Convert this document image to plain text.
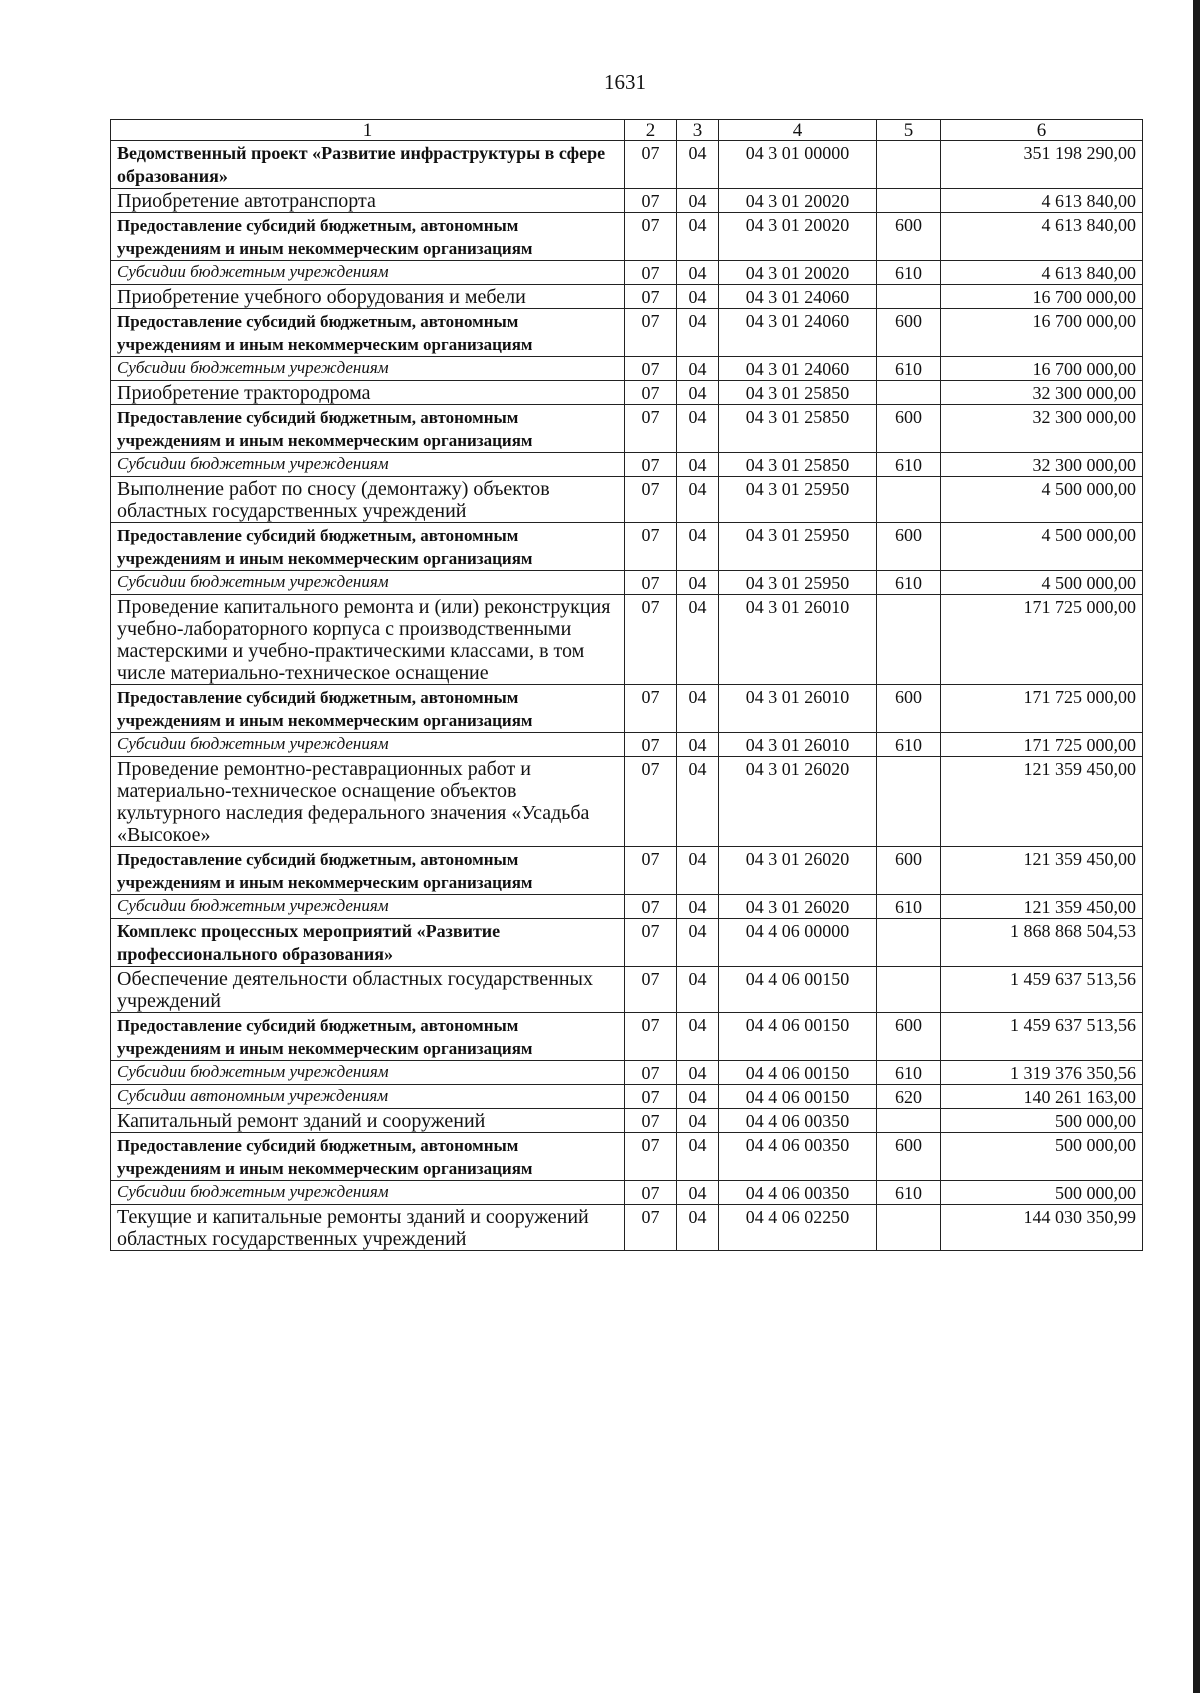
1631
1	2	3	4	5	6
Ведомственный проект «Развитие инфраструктуры в сфере образования»	07	04	04 3 01 00000		351 198 290,00
Приобретение автотранспорта	07	04	04 3 01 20020		4 613 840,00
Предоставление субсидий бюджетным, автономным учреждениям и иным некоммерческим организациям	07	04	04 3 01 20020	600	4 613 840,00
Субсидии бюджетным учреждениям	07	04	04 3 01 20020	610	4 613 840,00
Приобретение учебного оборудования и мебели	07	04	04 3 01 24060		16 700 000,00
Предоставление субсидий бюджетным, автономным учреждениям и иным некоммерческим организациям	07	04	04 3 01 24060	600	16 700 000,00
Субсидии бюджетным учреждениям	07	04	04 3 01 24060	610	16 700 000,00
Приобретение трактородрома	07	04	04 3 01 25850		32 300 000,00
Предоставление субсидий бюджетным, автономным учреждениям и иным некоммерческим организациям	07	04	04 3 01 25850	600	32 300 000,00
Субсидии бюджетным учреждениям	07	04	04 3 01 25850	610	32 300 000,00
Выполнение работ по сносу (демонтажу) объектов областных государственных учреждений	07	04	04 3 01 25950		4 500 000,00
Предоставление субсидий бюджетным, автономным учреждениям и иным некоммерческим организациям	07	04	04 3 01 25950	600	4 500 000,00
Субсидии бюджетным учреждениям	07	04	04 3 01 25950	610	4 500 000,00
Проведение капитального ремонта и (или) реконструкция учебно-лабораторного корпуса с производственными мастерскими и учебно-практическими классами, в том числе материально-техническое оснащение	07	04	04 3 01 26010		171 725 000,00
Предоставление субсидий бюджетным, автономным учреждениям и иным некоммерческим организациям	07	04	04 3 01 26010	600	171 725 000,00
Субсидии бюджетным учреждениям	07	04	04 3 01 26010	610	171 725 000,00
Проведение ремонтно-реставрационных работ и материально-техническое оснащение объектов культурного наследия федерального значения «Усадьба «Высокое»	07	04	04 3 01 26020		121 359 450,00
Предоставление субсидий бюджетным, автономным учреждениям и иным некоммерческим организациям	07	04	04 3 01 26020	600	121 359 450,00
Субсидии бюджетным учреждениям	07	04	04 3 01 26020	610	121 359 450,00
Комплекс процессных мероприятий «Развитие профессионального образования»	07	04	04 4 06 00000		1 868 868 504,53
Обеспечение деятельности областных государственных учреждений	07	04	04 4 06 00150		1 459 637 513,56
Предоставление субсидий бюджетным, автономным учреждениям и иным некоммерческим организациям	07	04	04 4 06 00150	600	1 459 637 513,56
Субсидии бюджетным учреждениям	07	04	04 4 06 00150	610	1 319 376 350,56
Субсидии автономным учреждениям	07	04	04 4 06 00150	620	140 261 163,00
Капитальный ремонт зданий и сооружений	07	04	04 4 06 00350		500 000,00
Предоставление субсидий бюджетным, автономным учреждениям и иным некоммерческим организациям	07	04	04 4 06 00350	600	500 000,00
Субсидии бюджетным учреждениям	07	04	04 4 06 00350	610	500 000,00
Текущие и капитальные ремонты зданий и сооружений областных государственных учреждений	07	04	04 4 06 02250		144 030 350,99
